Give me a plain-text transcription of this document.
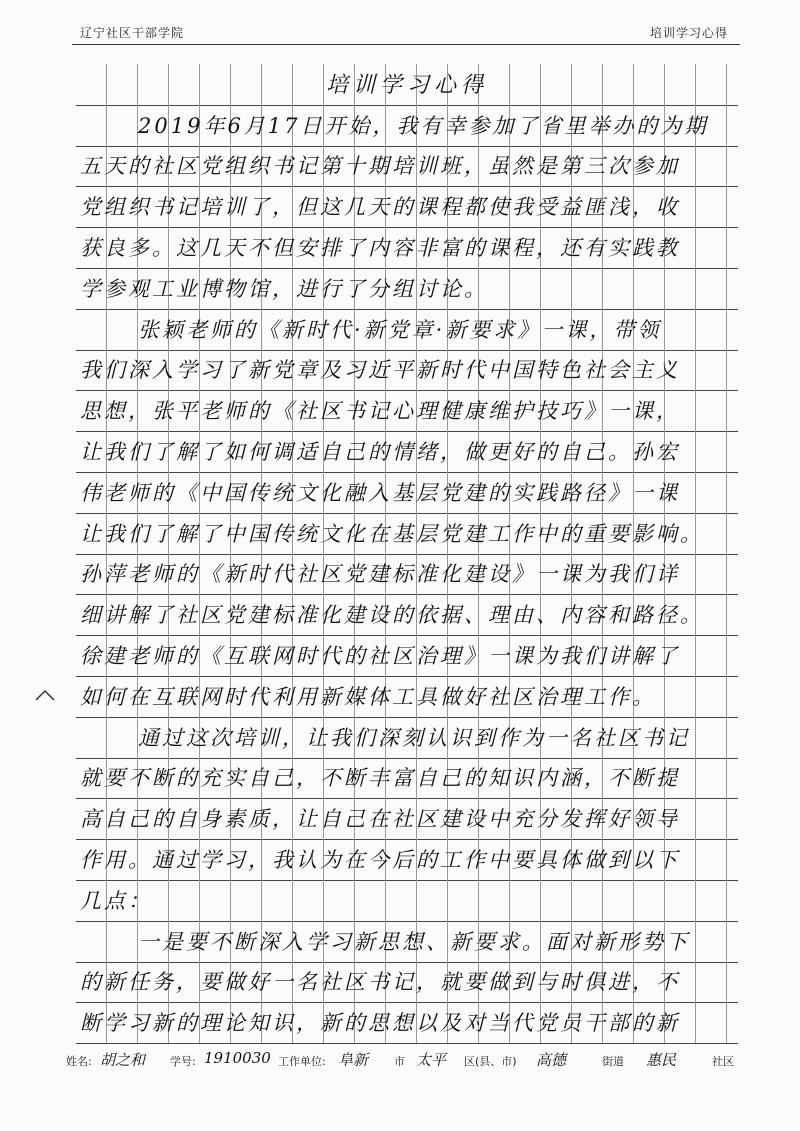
辽宁社区干部学院	培训学习心得
培训学习心得
2019年6月17日开始，我有幸参加了省里举办的为期
五天的社区党组织书记第十期培训班，虽然是第三次参加
党组织书记培训了，但这几天的课程都使我受益匪浅，收
获良多。这几天不但安排了内容非富的课程，还有实践教
学参观工业博物馆，进行了分组讨论。
张颖老师的《新时代·新党章·新要求》一课，带领
我们深入学习了新党章及习近平新时代中国特色社会主义
思想，张平老师的《社区书记心理健康维护技巧》一课，
让我们了解了如何调适自己的情绪，做更好的自己。孙宏
伟老师的《中国传统文化融入基层党建的实践路径》一课
让我们了解了中国传统文化在基层党建工作中的重要影响。
孙萍老师的《新时代社区党建标准化建设》一课为我们详
细讲解了社区党建标准化建设的依据、理由、内容和路径。
徐建老师的《互联网时代的社区治理》一课为我们讲解了
如何在互联网时代利用新媒体工具做好社区治理工作。
通过这次培训，让我们深刻认识到作为一名社区书记
就要不断的充实自己，不断丰富自己的知识内涵，不断提
高自己的自身素质，让自己在社区建设中充分发挥好领导
作用。通过学习，我认为在今后的工作中要具体做到以下
几点：
一是要不断深入学习新思想、新要求。面对新形势下
的新任务，要做好一名社区书记，就要做到与时俱进，不
断学习新的理论知识，新的思想以及对当代党员干部的新
姓名: 胡之和 学号: 1910030 工作单位: 阜新 市 太平 区(县、市) 高德	街道 惠民	社区
